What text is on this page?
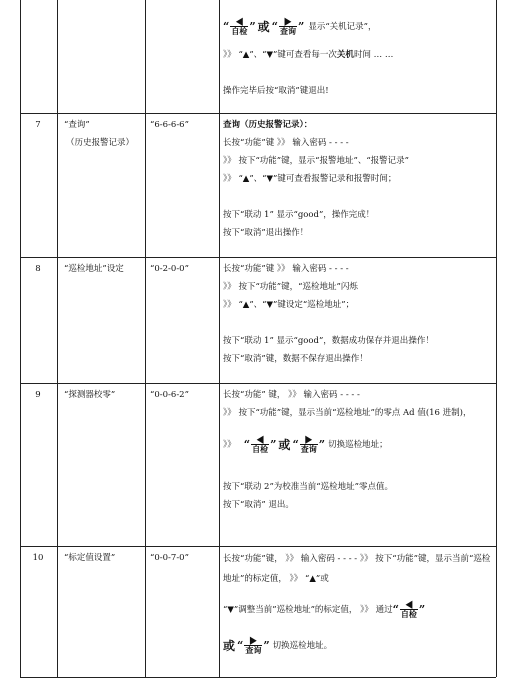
“ ◀
自检 ” 或 “ ▶
查询 ” 显示“关机记录”，
》》 “▲”、“▼”键可查看每一次关机时间 … …
操作完毕后按“取消”键退出!
7	“查询”
（历史报警记录）
“6-6-6-6”	查询（历史报警记录）：
长按“功能”键 》》 输入密码 - - - -
》》 按下“功能”键，显示“报警地址”、“报警记录”
》》 “▲”、“▼”键可查看报警记录和报警时间；
按下“联动 1” 显示“good”，操作完成！
按下“取消”退出操作！
8	“巡检地址”设定	“0-2-0-0”	长按“功能”键 》》 输入密码 - - - -
》》 按下“功能”键，“巡检地址”闪烁
》》 “▲”、“▼”键设定“巡检地址”；
按下“联动 1” 显示“good”，数据成功保存并退出操作！
按下“取消”键，数据不保存退出操作！
9	“探测器校零”	“0-0-6-2”	长按“功能” 键， 》》 输入密码 - - - -
》》 按下“功能”键，显示当前“巡检地址”的零点 Ad 值(16 进制)，
》》 “ ◀
自检 ” 或 “ ▶
查询 ” 切换巡检地址；
按下“联动 2”为校准当前“巡检地址”零点值。
按下“取消” 退出。
10	“标定值设置”	“0-0-7-0”	长按“功能”键， 》》 输入密码 - - - - 》》 按下“功能”键，显示当前“巡检地址”的标定值， 》》 “▲”或
“▼”调整当前”巡检地址”的标定值， 》》 通过 “ ◀
自检 ”
或 “ ▶
查询 ” 切换巡检地址。
